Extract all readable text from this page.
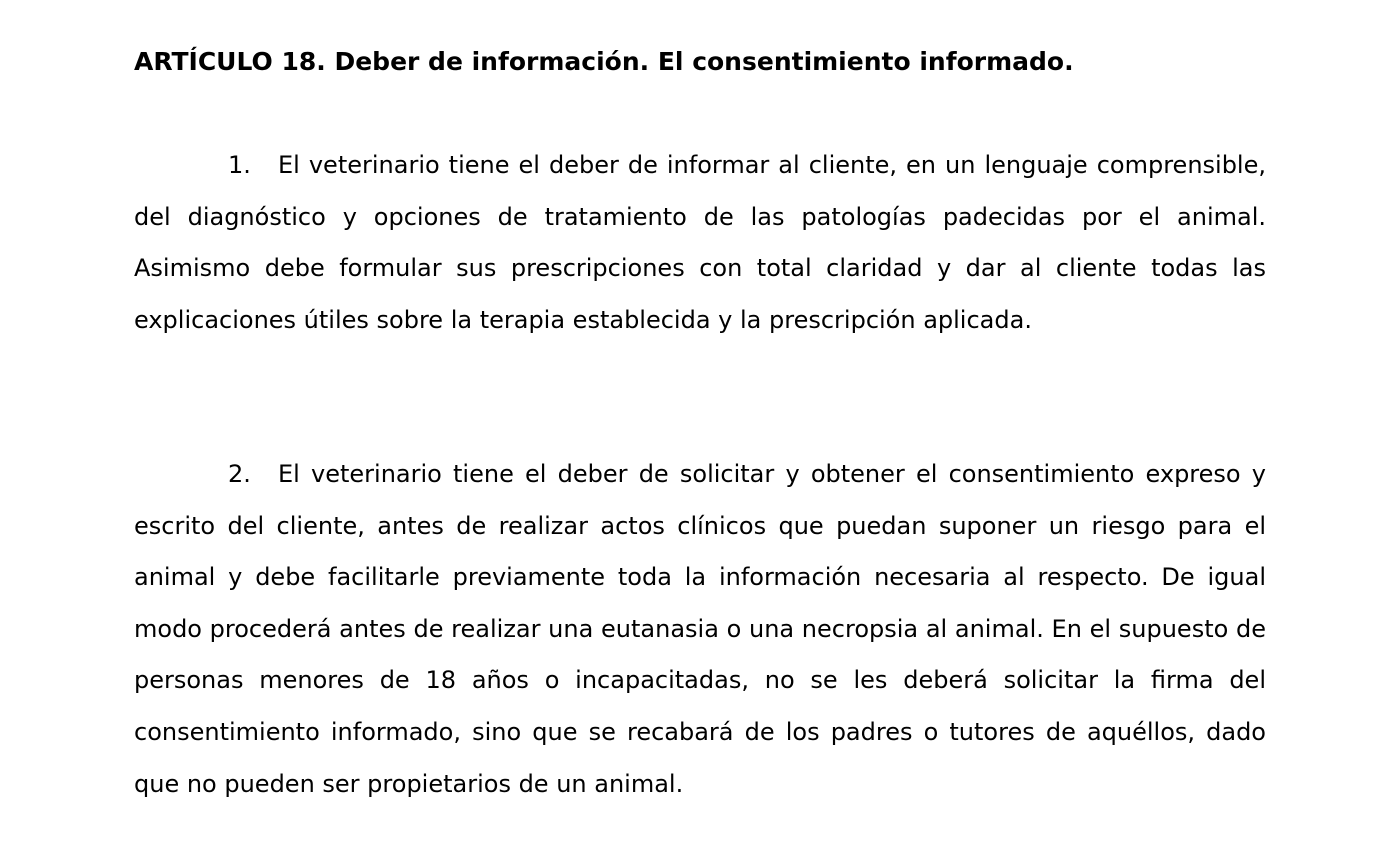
ARTÍCULO 18. Deber de información. El consentimiento informado.

1. El veterinario tiene el deber de informar al cliente, en un lenguaje comprensible, del diagnóstico y opciones de tratamiento de las patologías padecidas por el animal. Asimismo debe formular sus prescripciones con total claridad y dar al cliente todas las explicaciones útiles sobre la terapia establecida y la prescripción aplicada.

2. El veterinario tiene el deber de solicitar y obtener el consentimiento expreso y escrito del cliente, antes de realizar actos clínicos que puedan suponer un riesgo para el animal y debe facilitarle previamente toda la información necesaria al respecto. De igual modo procederá antes de realizar una eutanasia o una necropsia al animal. En el supuesto de personas menores de 18 años o incapacitadas, no se les deberá solicitar la firma del consentimiento informado, sino que se recabará de los padres o tutores de aquéllos, dado que no pueden ser propietarios de un animal.
